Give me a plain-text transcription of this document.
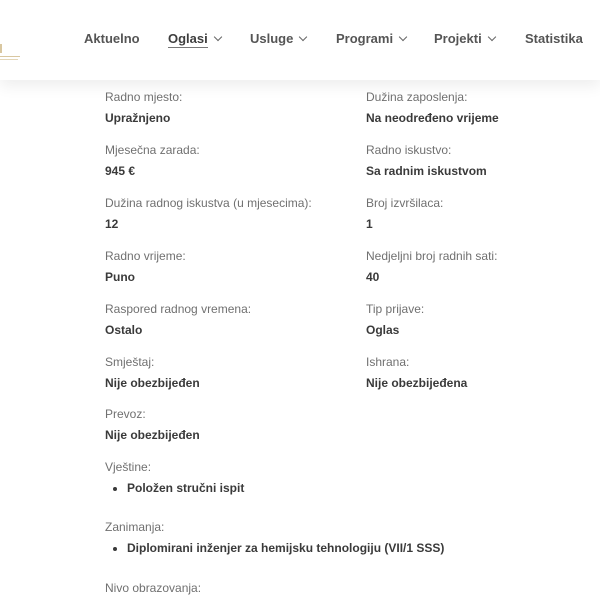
Aktuelno Oglasi	Usluge	Programi	Projekti	Statistika
Radno mjesto:
Upražnjeno
Mjesečna zarada:
945 €
Dužina radnog iskustva (u mjesecima):
12
Radno vrijeme:
Puno
Raspored radnog vremena:
Ostalo
Smještaj:
Nije obezbijeđen
Prevoz:
Nije obezbijeđen
Dužina zaposlenja:
Na neodređeno vrijeme
Radno iskustvo:
Sa radnim iskustvom
Broj izvršilaca:
1
Nedjeljni broj radnih sati:
40
Tip prijave:
Oglas
Ishrana:
Nije obezbijeđena
Vještine:
• Položen stručni ispit
Zanimanja:
• Diplomirani inženjer za hemijsku tehnologiju (VII/1 SSS)
Nivo obrazovanja:
